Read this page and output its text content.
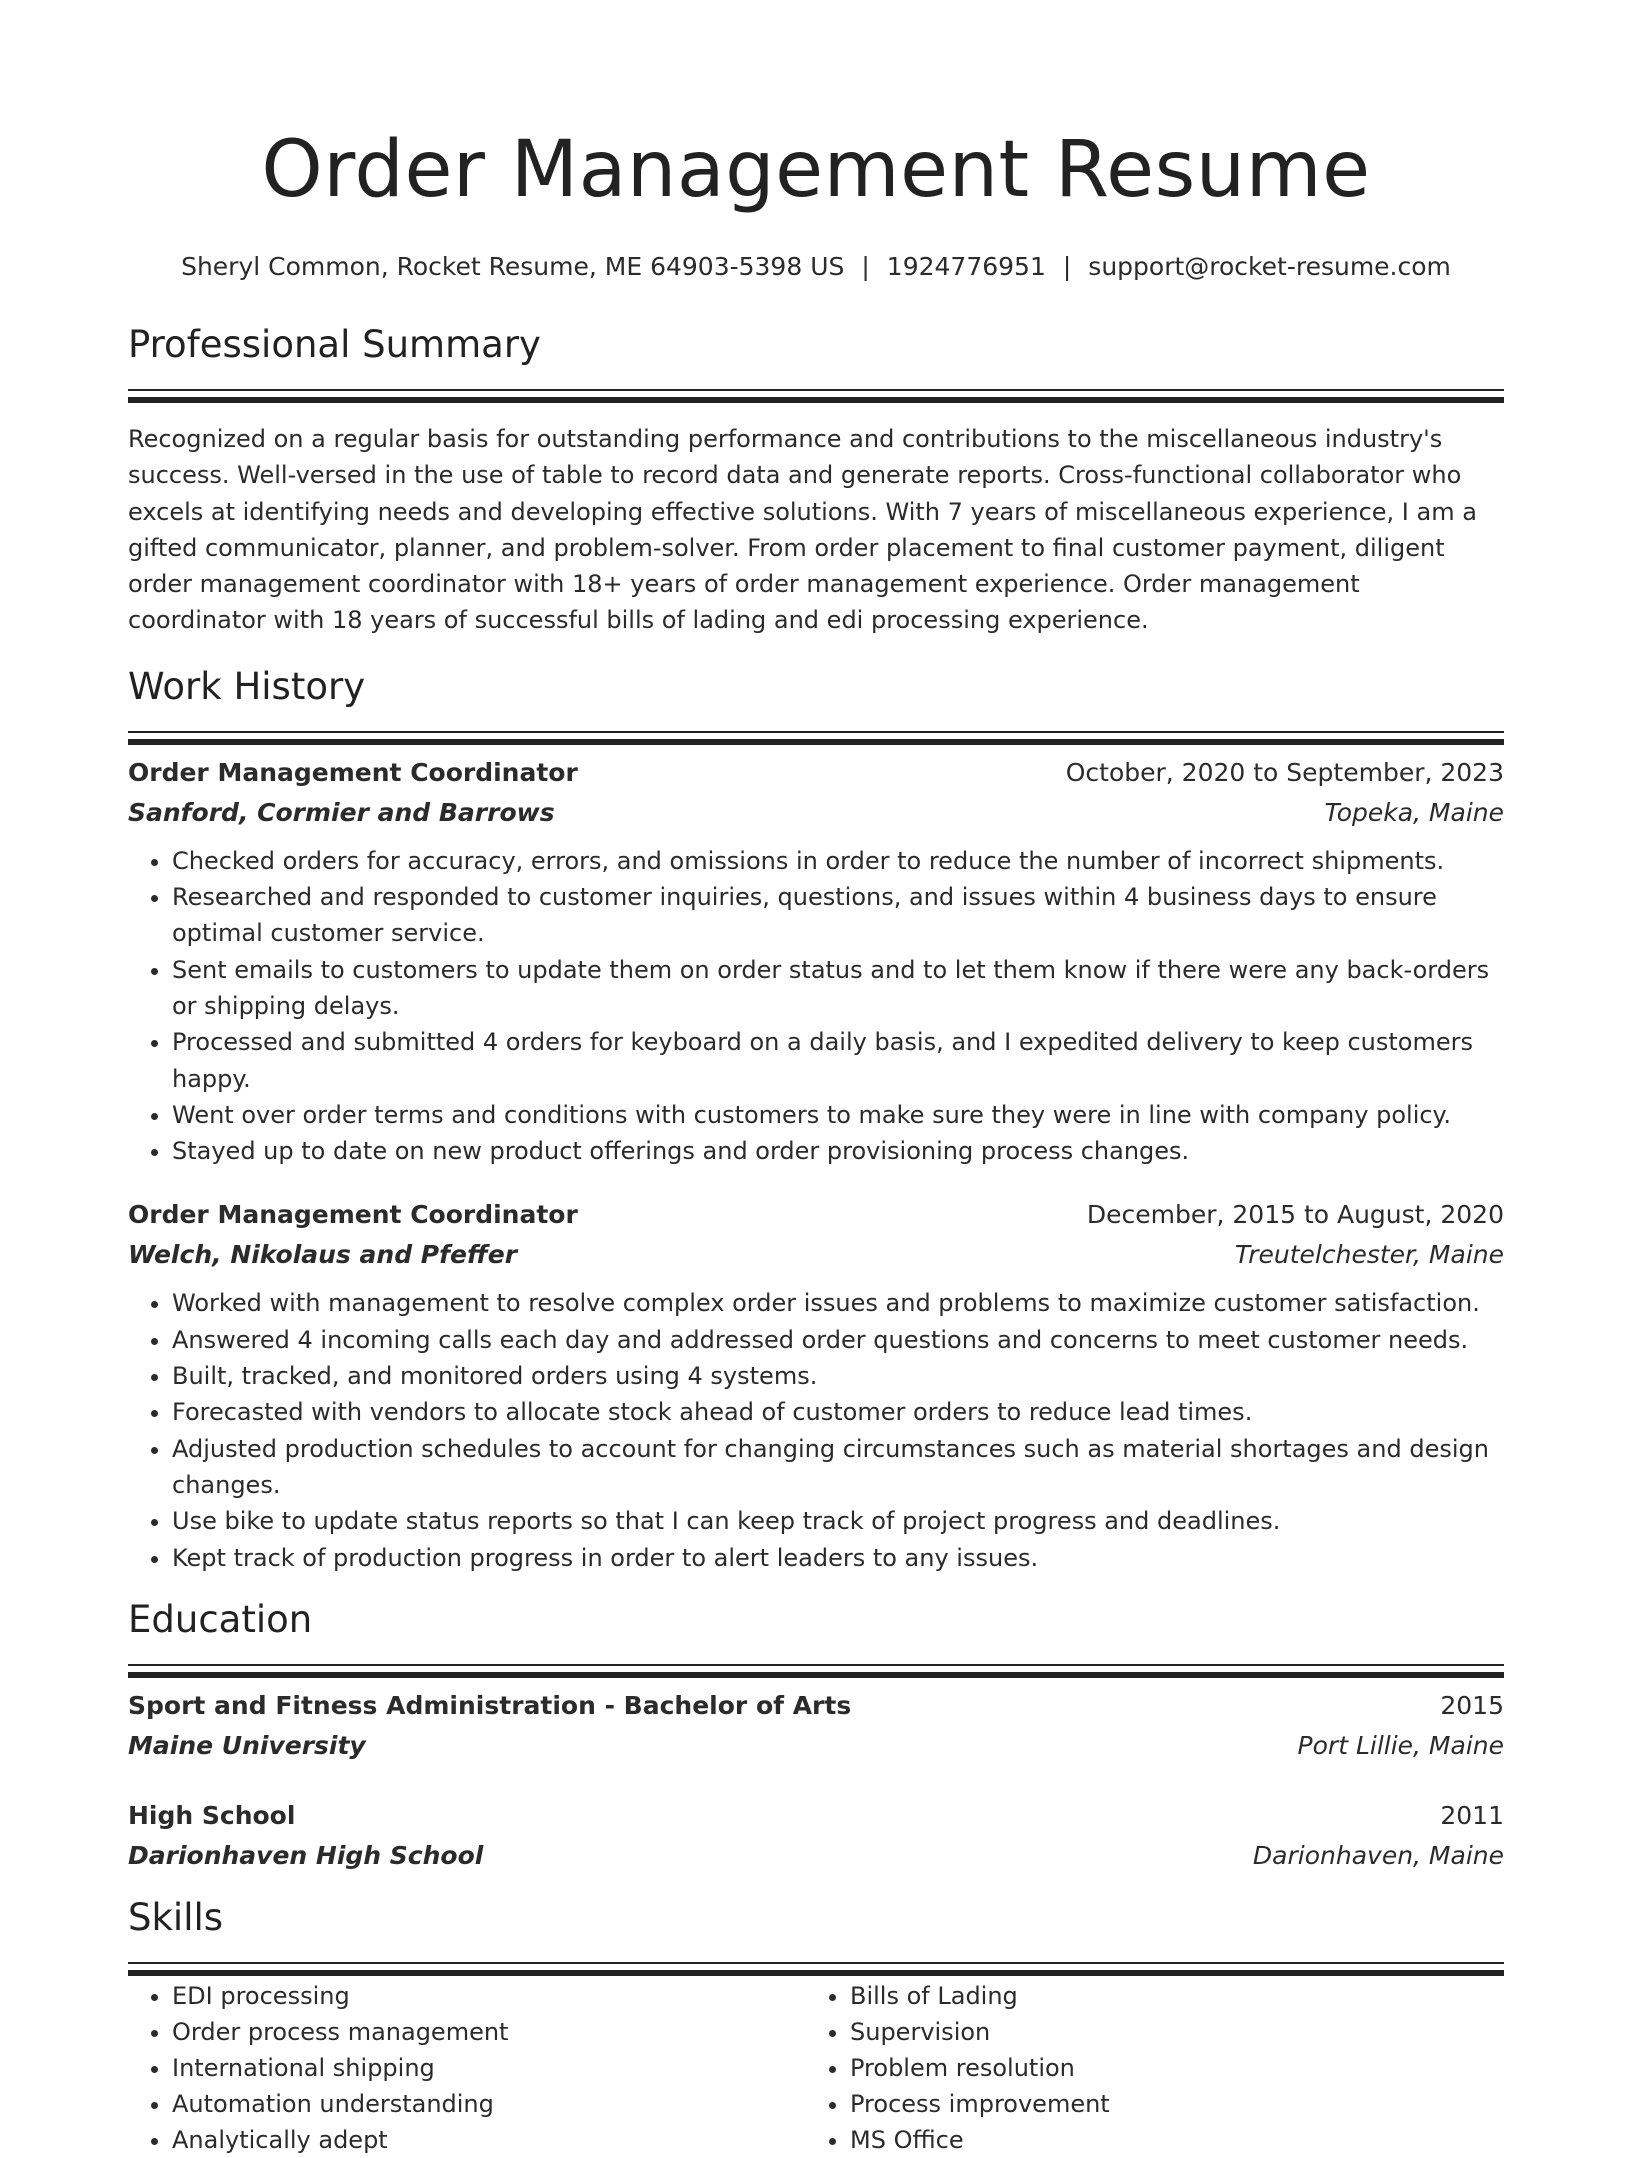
Order Management Resume
Sheryl Common, Rocket Resume, ME 64903-5398 US | 1924776951 | support@rocket-resume.com
Professional Summary

Recognized on a regular basis for outstanding performance and contributions to the miscellaneous industry's success. Well-versed in the use of table to record data and generate reports. Cross-functional collaborator who excels at identifying needs and developing effective solutions. With 7 years of miscellaneous experience, I am a gifted communicator, planner, and problem-solver. From order placement to final customer payment, diligent order management coordinator with 18+ years of order management experience. Order management coordinator with 18 years of successful bills of lading and edi processing experience.

Work History
Order Management Coordinator	October, 2020 to September, 2023
Sanford, Cormier and Barrows	Topeka, Maine
• Checked orders for accuracy, errors, and omissions in order to reduce the number of incorrect shipments.
• Researched and responded to customer inquiries, questions, and issues within 4 business days to ensure optimal customer service.
• Sent emails to customers to update them on order status and to let them know if there were any back-orders or shipping delays.
• Processed and submitted 4 orders for keyboard on a daily basis, and I expedited delivery to keep customers happy.
• Went over order terms and conditions with customers to make sure they were in line with company policy.
• Stayed up to date on new product offerings and order provisioning process changes.
Order Management Coordinator	December, 2015 to August, 2020
Welch, Nikolaus and Pfeffer	Treutelchester, Maine
• Worked with management to resolve complex order issues and problems to maximize customer satisfaction.
• Answered 4 incoming calls each day and addressed order questions and concerns to meet customer needs.
• Built, tracked, and monitored orders using 4 systems.
• Forecasted with vendors to allocate stock ahead of customer orders to reduce lead times.
• Adjusted production schedules to account for changing circumstances such as material shortages and design changes.
• Use bike to update status reports so that I can keep track of project progress and deadlines.
• Kept track of production progress in order to alert leaders to any issues.
Education
Sport and Fitness Administration - Bachelor of Arts	2015
Maine University	Port Lillie, Maine
High School	2011
Darionhaven High School	Darionhaven, Maine
Skills
• EDI processing
• Order process management
• International shipping
• Automation understanding
• Analytically adept
• Bills of Lading
• Supervision
• Problem resolution
• Process improvement
• MS Office
